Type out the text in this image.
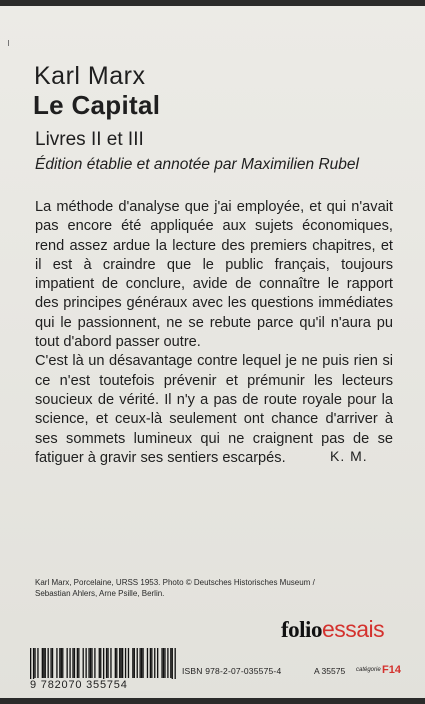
Karl Marx
Le Capital
Livres II et III
Édition établie et annotée par Maximilien Rubel

La méthode d'analyse que j'ai employée, et qui n'avait pas encore été appliquée aux sujets économiques, rend assez ardue la lecture des premiers chapitres, et il est à craindre que le public français, toujours impatient de conclure, avide de connaître le rapport des principes généraux avec les questions immédiates qui le passionnent, ne se rebute parce qu'il n'aura pu tout d'abord passer outre.

C'est là un désavantage contre lequel je ne puis rien si ce n'est toutefois prévenir et prémunir les lecteurs soucieux de vérité. Il n'y a pas de route royale pour la science, et ceux-là seulement ont chance d'arriver à ses sommets lumineux qui ne craignent pas de se fatiguer à gravir ses sentiers escarpés.	K. M.
Karl Marx, Porcelaine, URSS 1953. Photo © Deutsches Historisches Museum / Sebastian Ahlers, Arne Psille, Berlin.
folioessais
9 782070 355754
ISBN 978-2-07-035575-4	A 35575 catégorie F14
